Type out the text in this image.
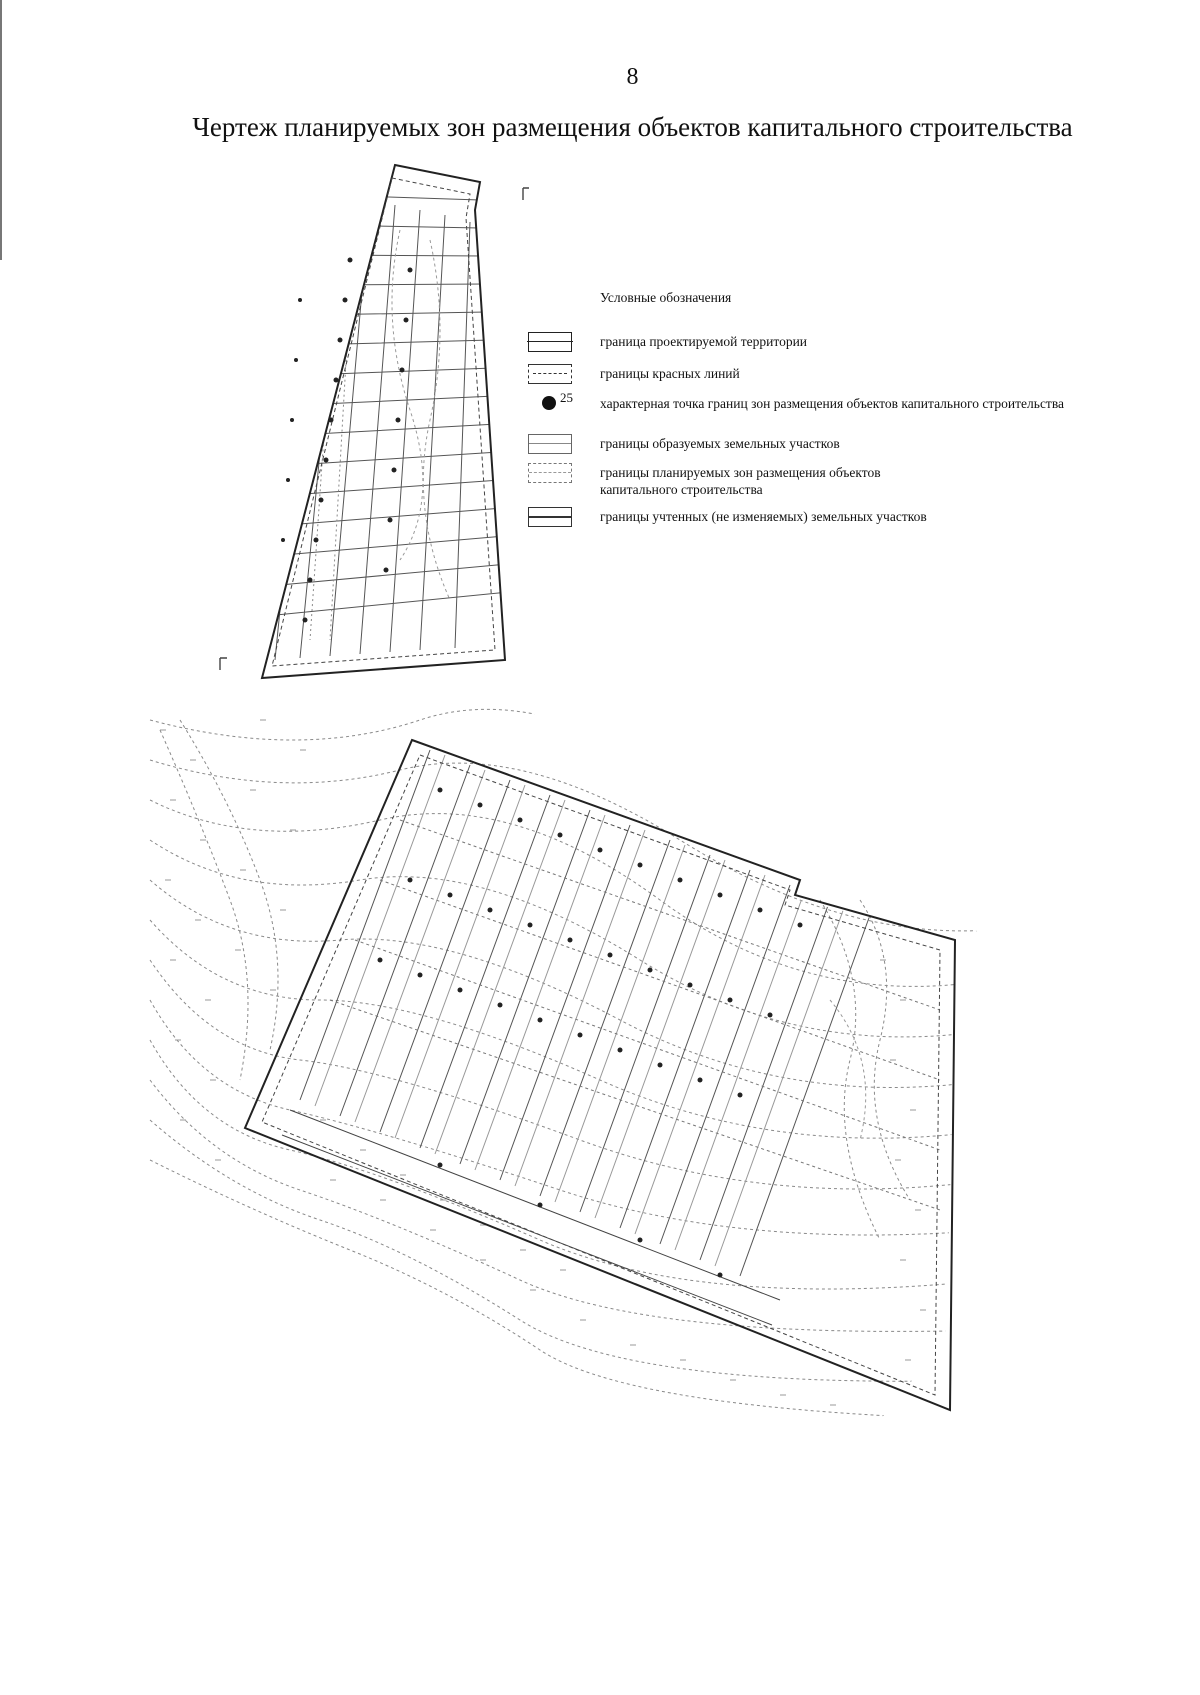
8
Чертеж планируемых зон размещения объектов капитального строительства
Условные обозначения
граница проектируемой территории
границы красных линий
25 характерная точка границ зон размещения объектов капитального строительства
границы образуемых земельных участков
границы планируемых зон размещения объектов
капитального строительства
границы учтенных (не изменяемых) земельных участков
